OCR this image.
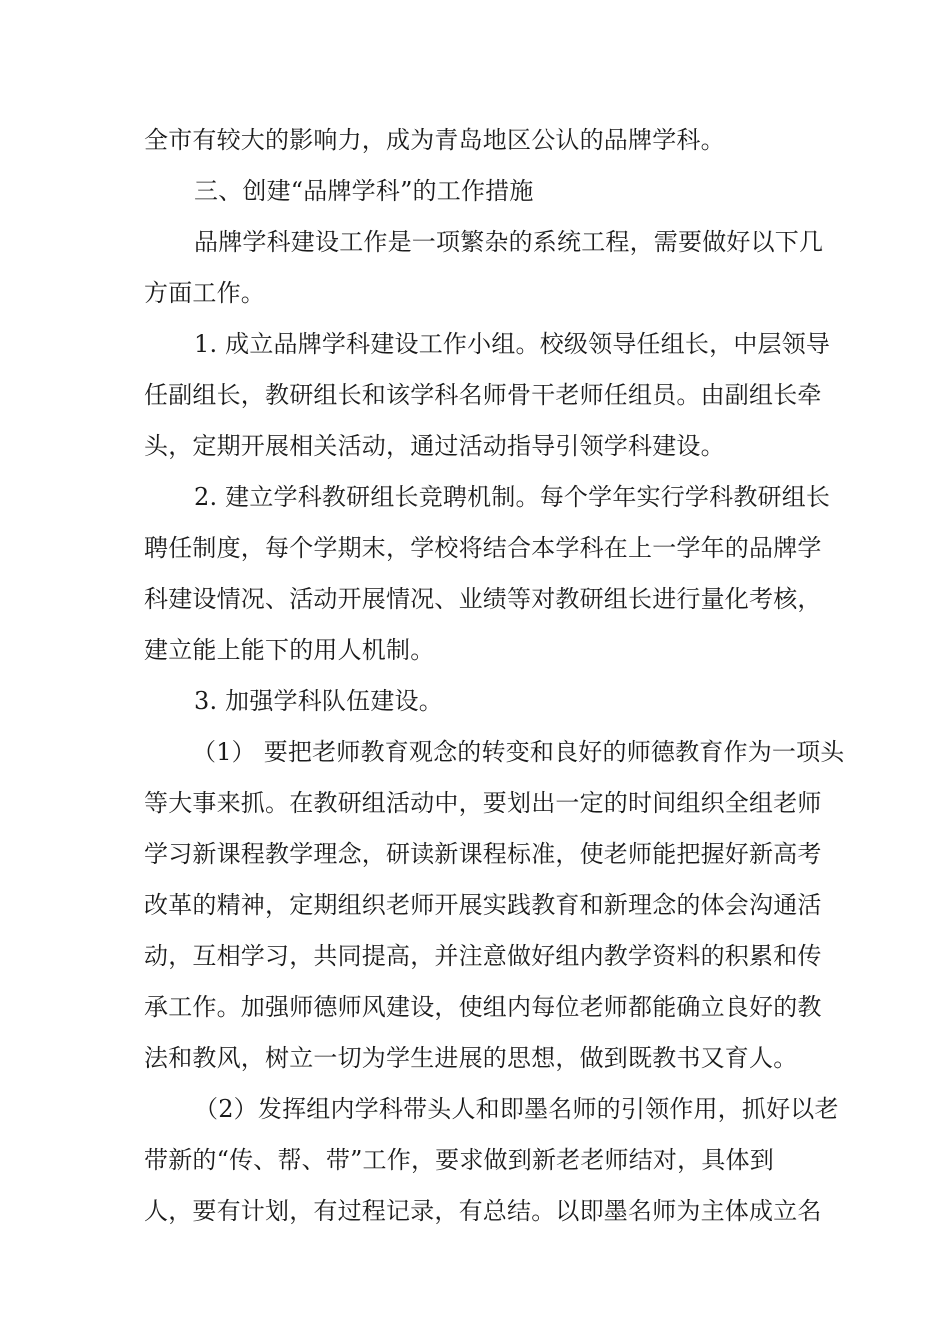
全市有较大的影响力，成为青岛地区公认的品牌学科。
三、创建“品牌学科”的工作措施
品牌学科建设工作是一项繁杂的系统工程，需要做好以下几
方面工作。
1. 成立品牌学科建设工作小组。校级领导任组长，中层领导
任副组长，教研组长和该学科名师骨干老师任组员。由副组长牵
头，定期开展相关活动，通过活动指导引领学科建设。
2. 建立学科教研组长竞聘机制。每个学年实行学科教研组长
聘任制度，每个学期末，学校将结合本学科在上一学年的品牌学
科建设情况、活动开展情况、业绩等对教研组长进行量化考核，
建立能上能下的用人机制。
3. 加强学科队伍建设。
（1） 要把老师教育观念的转变和良好的师德教育作为一项头
等大事来抓。在教研组活动中，要划出一定的时间组织全组老师
学习新课程教学理念，研读新课程标准，使老师能把握好新高考
改革的精神，定期组织老师开展实践教育和新理念的体会沟通活
动，互相学习，共同提高，并注意做好组内教学资料的积累和传
承工作。加强师德师风建设，使组内每位老师都能确立良好的教
法和教风，树立一切为学生进展的思想，做到既教书又育人。
（2）发挥组内学科带头人和即墨名师的引领作用，抓好以老
带新的“传、帮、带”工作，要求做到新老老师结对，具体到
人，要有计划，有过程记录，有总结。以即墨名师为主体成立名
